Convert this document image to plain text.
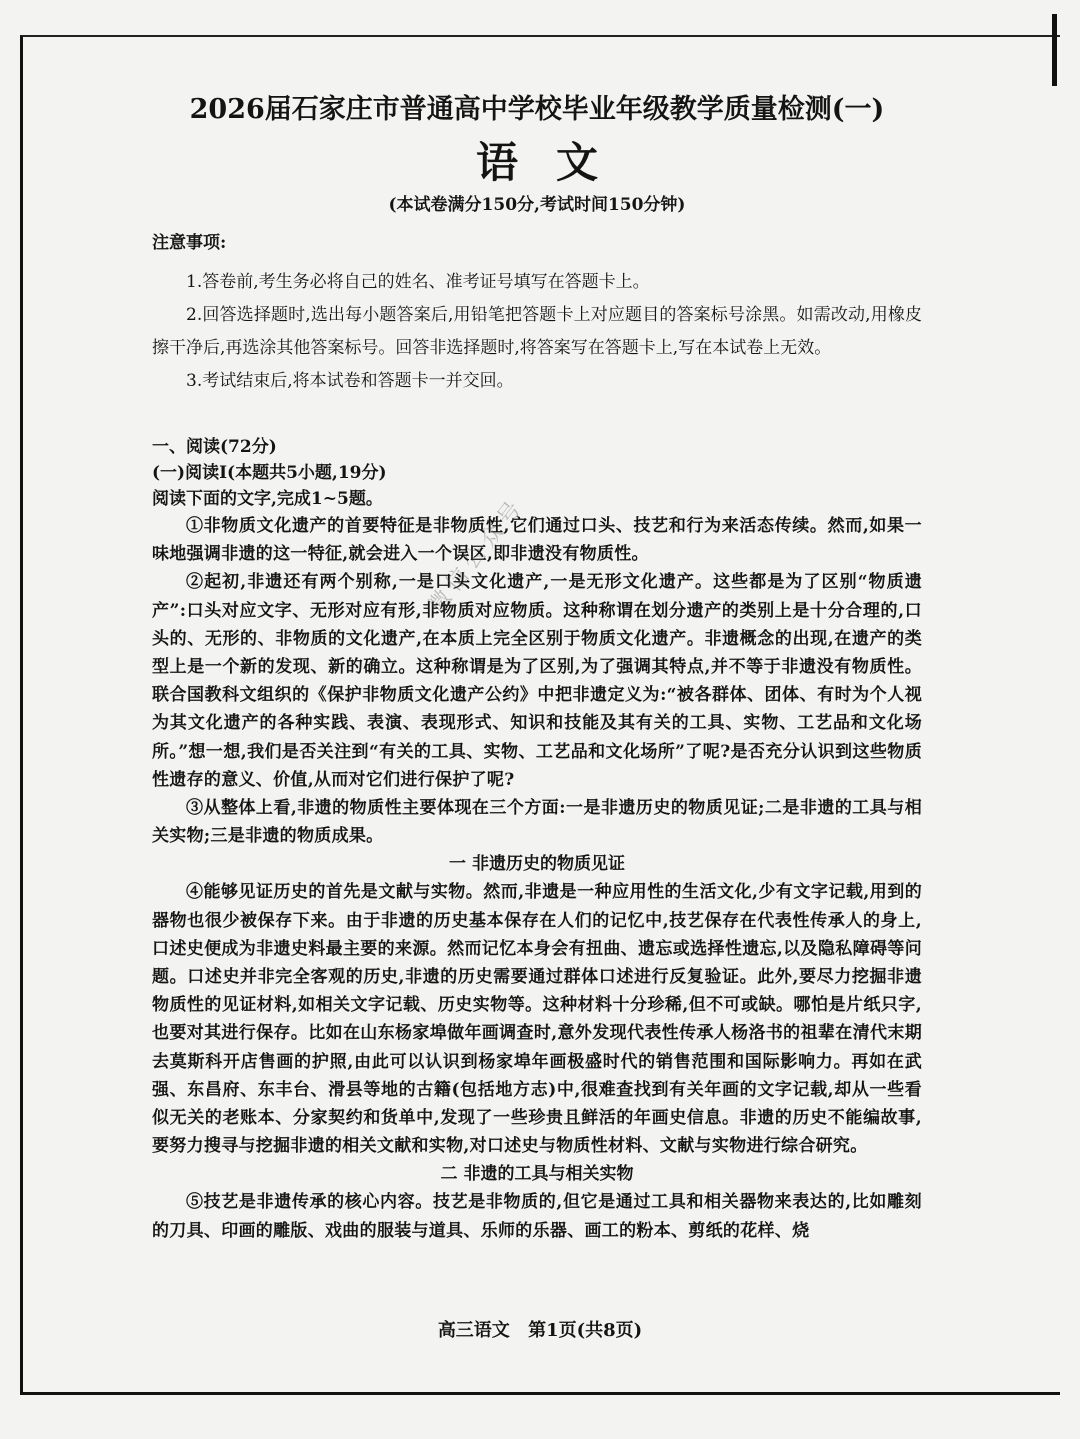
2026届石家庄市普通高中学校毕业年级教学质量检测(一)
语文
(本试卷满分150分,考试时间150分钟)
注意事项:
1.答卷前,考生务必将自己的姓名、准考证号填写在答题卡上。
2.回答选择题时,选出每小题答案后,用铅笔把答题卡上对应题目的答案标号涂黑。如需改动,用橡皮擦干净后,再选涂其他答案标号。回答非选择题时,将答案写在答题卡上,写在本试卷上无效。
3.考试结束后,将本试卷和答题卡一并交回。
一、阅读(72分)
(一)阅读Ⅰ(本题共5小题,19分)
阅读下面的文字,完成1~5题。
①非物质文化遗产的首要特征是非物质性,它们通过口头、技艺和行为来活态传续。然而,如果一味地强调非遗的这一特征,就会进入一个误区,即非遗没有物质性。
②起初,非遗还有两个别称,一是口头文化遗产,一是无形文化遗产。这些都是为了区别“物质遗产”:口头对应文字、无形对应有形,非物质对应物质。这种称谓在划分遗产的类别上是十分合理的,口头的、无形的、非物质的文化遗产,在本质上完全区别于物质文化遗产。非遗概念的出现,在遗产的类型上是一个新的发现、新的确立。这种称谓是为了区别,为了强调其特点,并不等于非遗没有物质性。联合国教科文组织的《保护非物质文化遗产公约》中把非遗定义为:“被各群体、团体、有时为个人视为其文化遗产的各种实践、表演、表现形式、知识和技能及其有关的工具、实物、工艺品和文化场所。”想一想,我们是否关注到“有关的工具、实物、工艺品和文化场所”了呢?是否充分认识到这些物质性遗存的意义、价值,从而对它们进行保护了呢?
③从整体上看,非遗的物质性主要体现在三个方面:一是非遗历史的物质见证;二是非遗的工具与相关实物;三是非遗的物质成果。
一 非遗历史的物质见证
④能够见证历史的首先是文献与实物。然而,非遗是一种应用性的生活文化,少有文字记载,用到的器物也很少被保存下来。由于非遗的历史基本保存在人们的记忆中,技艺保存在代表性传承人的身上,口述史便成为非遗史料最主要的来源。然而记忆本身会有扭曲、遗忘或选择性遗忘,以及隐私障碍等问题。口述史并非完全客观的历史,非遗的历史需要通过群体口述进行反复验证。此外,要尽力挖掘非遗物质性的见证材料,如相关文字记载、历史实物等。这种材料十分珍稀,但不可或缺。哪怕是片纸只字,也要对其进行保存。比如在山东杨家埠做年画调查时,意外发现代表性传承人杨洛书的祖辈在清代末期去莫斯科开店售画的护照,由此可以认识到杨家埠年画极盛时代的销售范围和国际影响力。再如在武强、东昌府、东丰台、滑县等地的古籍(包括地方志)中,很难查找到有关年画的文字记载,却从一些看似无关的老账本、分家契约和货单中,发现了一些珍贵且鲜活的年画史信息。非遗的历史不能编故事,要努力搜寻与挖掘非遗的相关文献和实物,对口述史与物质性材料、文献与实物进行综合研究。
二 非遗的工具与相关实物
⑤技艺是非遗传承的核心内容。技艺是非物质的,但它是通过工具和相关器物来表达的,比如雕刻的刀具、印画的雕版、戏曲的服装与道具、乐师的乐器、画工的粉本、剪纸的花样、烧
微信公众号
高三语文 第1页(共8页)
